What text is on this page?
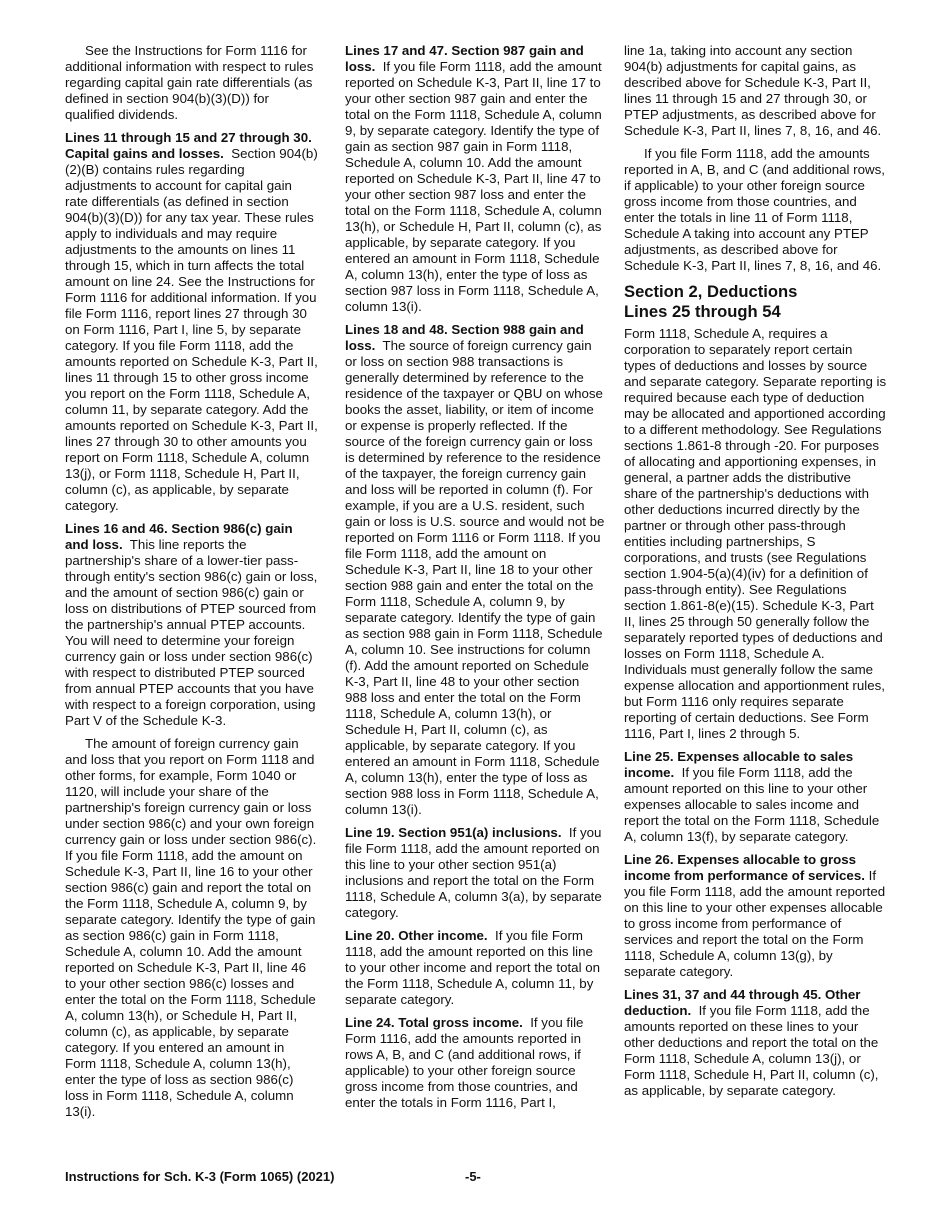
See the Instructions for Form 1116 for additional information with respect to rules regarding capital gain rate differentials (as defined in section 904(b)(3)(D)) for qualified dividends.

Lines 11 through 15 and 27 through 30. Capital gains and losses. Section 904(b)(2)(B) contains rules regarding adjustments to account for capital gain rate differentials (as defined in section 904(b)(3)(D)) for any tax year. These rules apply to individuals and may require adjustments to the amounts on lines 11 through 15, which in turn affects the total amount on line 24. See the Instructions for Form 1116 for additional information. If you file Form 1116, report lines 27 through 30 on Form 1116, Part I, line 5, by separate category. If you file Form 1118, add the amounts reported on Schedule K-3, Part II, lines 11 through 15 to other gross income you report on the Form 1118, Schedule A, column 11, by separate category. Add the amounts reported on Schedule K-3, Part II, lines 27 through 30 to other amounts you report on Form 1118, Schedule A, column 13(j), or Form 1118, Schedule H, Part II, column (c), as applicable, by separate category.

Lines 16 and 46. Section 986(c) gain and loss. This line reports the partnership's share of a lower-tier pass-through entity's section 986(c) gain or loss, and the amount of section 986(c) gain or loss on distributions of PTEP sourced from the partnership's annual PTEP accounts. You will need to determine your foreign currency gain or loss under section 986(c) with respect to distributed PTEP sourced from annual PTEP accounts that you have with respect to a foreign corporation, using Part V of the Schedule K-3.

The amount of foreign currency gain and loss that you report on Form 1118 and other forms, for example, Form 1040 or 1120, will include your share of the partnership's foreign currency gain or loss under section 986(c) and your own foreign currency gain or loss under section 986(c). If you file Form 1118, add the amount on Schedule K-3, Part II, line 16 to your other section 986(c) gain and report the total on the Form 1118, Schedule A, column 9, by separate category. Identify the type of gain as section 986(c) gain in Form 1118, Schedule A, column 10. Add the amount reported on Schedule K-3, Part II, line 46 to your other section 986(c) losses and enter the total on the Form 1118, Schedule A, column 13(h), or Schedule H, Part II, column (c), as applicable, by separate category. If you entered an amount in Form 1118, Schedule A, column 13(h), enter the type of loss as section 986(c) loss in Form 1118, Schedule A, column 13(i).

Lines 17 and 47. Section 987 gain and loss. If you file Form 1118, add the amount reported on Schedule K-3, Part II, line 17 to your other section 987 gain and enter the total on the Form 1118, Schedule A, column 9, by separate category. Identify the type of gain as section 987 gain in Form 1118, Schedule A, column 10. Add the amount reported on Schedule K-3, Part II, line 47 to your other section 987 loss and enter the total on the Form 1118, Schedule A, column 13(h), or Schedule H, Part II, column (c), as applicable, by separate category. If you entered an amount in Form 1118, Schedule A, column 13(h), enter the type of loss as section 987 loss in Form 1118, Schedule A, column 13(i).

Lines 18 and 48. Section 988 gain and loss. The source of foreign currency gain or loss on section 988 transactions is generally determined by reference to the residence of the taxpayer or QBU on whose books the asset, liability, or item of income or expense is properly reflected. If the source of the foreign currency gain or loss is determined by reference to the residence of the taxpayer, the foreign currency gain and loss will be reported in column (f). For example, if you are a U.S. resident, such gain or loss is U.S. source and would not be reported on Form 1116 or Form 1118. If you file Form 1118, add the amount on Schedule K-3, Part II, line 18 to your other section 988 gain and enter the total on the Form 1118, Schedule A, column 9, by separate category. Identify the type of gain as section 988 gain in Form 1118, Schedule A, column 10. See instructions for column (f). Add the amount reported on Schedule K-3, Part II, line 48 to your other section 988 loss and enter the total on the Form 1118, Schedule A, column 13(h), or Schedule H, Part II, column (c), as applicable, by separate category. If you entered an amount in Form 1118, Schedule A, column 13(h), enter the type of loss as section 988 loss in Form 1118, Schedule A, column 13(i).

Line 19. Section 951(a) inclusions. If you file Form 1118, add the amount reported on this line to your other section 951(a) inclusions and report the total on the Form 1118, Schedule A, column 3(a), by separate category.

Line 20. Other income. If you file Form 1118, add the amount reported on this line to your other income and report the total on the Form 1118, Schedule A, column 11, by separate category.

Line 24. Total gross income. If you file Form 1116, add the amounts reported in rows A, B, and C (and additional rows, if applicable) to your other foreign source gross income from those countries, and enter the totals in Form 1116, Part I,

line 1a, taking into account any section 904(b) adjustments for capital gains, as described above for Schedule K-3, Part II, lines 11 through 15 and 27 through 30, or PTEP adjustments, as described above for Schedule K-3, Part II, lines 7, 8, 16, and 46.

If you file Form 1118, add the amounts reported in A, B, and C (and additional rows, if applicable) to your other foreign source gross income from those countries, and enter the totals in line 11 of Form 1118, Schedule A taking into account any PTEP adjustments, as described above for Schedule K-3, Part II, lines 7, 8, 16, and 46.

Section 2, Deductions
Lines 25 through 54

Form 1118, Schedule A, requires a corporation to separately report certain types of deductions and losses by source and separate category. Separate reporting is required because each type of deduction may be allocated and apportioned according to a different methodology. See Regulations sections 1.861-8 through -20. For purposes of allocating and apportioning expenses, in general, a partner adds the distributive share of the partnership's deductions with other deductions incurred directly by the partner or through other pass-through entities including partnerships, S corporations, and trusts (see Regulations section 1.904-5(a)(4)(iv) for a definition of pass-through entity). See Regulations section 1.861-8(e)(15). Schedule K-3, Part II, lines 25 through 50 generally follow the separately reported types of deductions and losses on Form 1118, Schedule A. Individuals must generally follow the same expense allocation and apportionment rules, but Form 1116 only requires separate reporting of certain deductions. See Form 1116, Part I, lines 2 through 5.

Line 25. Expenses allocable to sales income. If you file Form 1118, add the amount reported on this line to your other expenses allocable to sales income and report the total on the Form 1118, Schedule A, column 13(f), by separate category.

Line 26. Expenses allocable to gross income from performance of services. If you file Form 1118, add the amount reported on this line to your other expenses allocable to gross income from performance of services and report the total on the Form 1118, Schedule A, column 13(g), by separate category.

Lines 31, 37 and 44 through 45. Other deduction. If you file Form 1118, add the amounts reported on these lines to your other deductions and report the total on the Form 1118, Schedule A, column 13(j), or Form 1118, Schedule H, Part II, column (c), as applicable, by separate category.

Instructions for Sch. K-3 (Form 1065) (2021)	-5-
